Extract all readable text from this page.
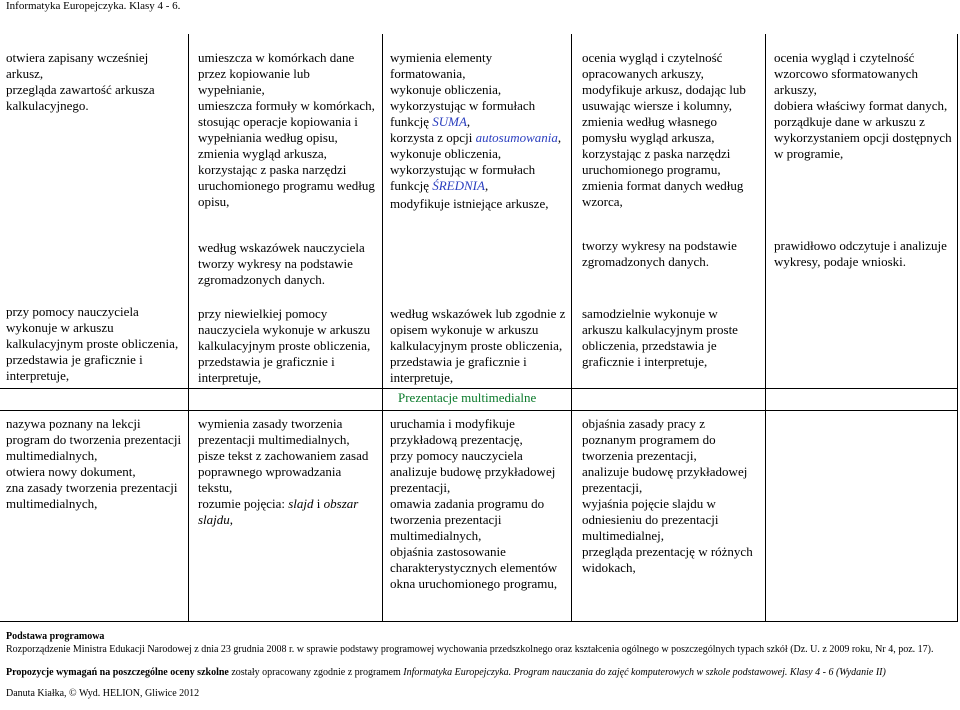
Informatyka Europejczyka. Klasy 4 - 6.

otwiera zapisany wcześniej arkusz,

przegląda zawartość arkusza kalkulacyjnego.

przy pomocy nauczyciela wykonuje w arkuszu kalkulacyjnym proste obliczenia, przedstawia je graficznie i interpretuje,

nazywa poznany na lekcji program do tworzenia prezentacji multimedialnych,

otwiera nowy dokument,

zna zasady tworzenia prezentacji multimedialnych,

umieszcza w komórkach dane przez kopiowanie lub wypełnianie,

umieszcza formuły w komórkach, stosując operacje kopiowania i wypełniania według opisu,

zmienia wygląd arkusza, korzystając z paska narzędzi uruchomionego programu według opisu,

według wskazówek nauczyciela tworzy wykresy na podstawie zgromadzonych danych.

przy niewielkiej pomocy nauczyciela wykonuje w arkuszu kalkulacyjnym proste obliczenia, przedstawia je graficznie i interpretuje,

wymienia zasady tworzenia prezentacji multimedialnych,

pisze tekst z zachowaniem zasad poprawnego wprowadzania tekstu,

rozumie pojęcia: slajd i obszar slajdu,

wymienia elementy formatowania,

wykonuje obliczenia, wykorzystując w formułach funkcję SUMA,

korzysta z opcji autosumowania,

wykonuje obliczenia, wykorzystując w formułach funkcję ŚREDNIA,

modyfikuje istniejące arkusze,

według wskazówek lub zgodnie z opisem wykonuje w arkuszu kalkulacyjnym proste obliczenia, przedstawia je graficznie i interpretuje,

Prezentacje multimedialne

uruchamia i modyfikuje przykładową prezentację,

przy pomocy nauczyciela analizuje budowę przykładowej prezentacji,

omawia zadania programu do tworzenia prezentacji multimedialnych,

objaśnia zastosowanie charakterystycznych elementów okna uruchomionego programu,

ocenia wygląd i czytelność opracowanych arkuszy,

modyfikuje arkusz, dodając lub usuwając wiersze i kolumny,

zmienia według własnego pomysłu wygląd arkusza, korzystając z paska narzędzi uruchomionego programu,

zmienia format danych według wzorca,

tworzy wykresy na podstawie zgromadzonych danych.

samodzielnie wykonuje w arkuszu kalkulacyjnym proste obliczenia, przedstawia je graficznie i interpretuje,

objaśnia zasady pracy z poznanym programem do tworzenia prezentacji,

analizuje budowę przykładowej prezentacji,

wyjaśnia pojęcie slajdu w odniesieniu do prezentacji multimedialnej,

przegląda prezentację w różnych widokach,

ocenia wygląd i czytelność wzorcowo sformatowanych arkuszy,

dobiera właściwy format danych,

porządkuje dane w arkuszu z wykorzystaniem opcji dostępnych w programie,

prawidłowo odczytuje i analizuje wykresy, podaje wnioski.

Podstawa programowa
Rozporządzenie Ministra Edukacji Narodowej z dnia 23 grudnia 2008 r. w sprawie podstawy programowej wychowania przedszkolnego oraz kształcenia ogólnego w poszczególnych typach szkół (Dz. U. z 2009 roku, Nr 4, poz. 17).
Propozycje wymagań na poszczególne oceny szkolne zostały opracowany zgodnie z programem Informatyka Europejczyka. Program nauczania do zajęć komputerowych w szkole podstawowej. Klasy 4 - 6 (Wydanie II)
Danuta Kiałka, © Wyd. HELION, Gliwice 2012
